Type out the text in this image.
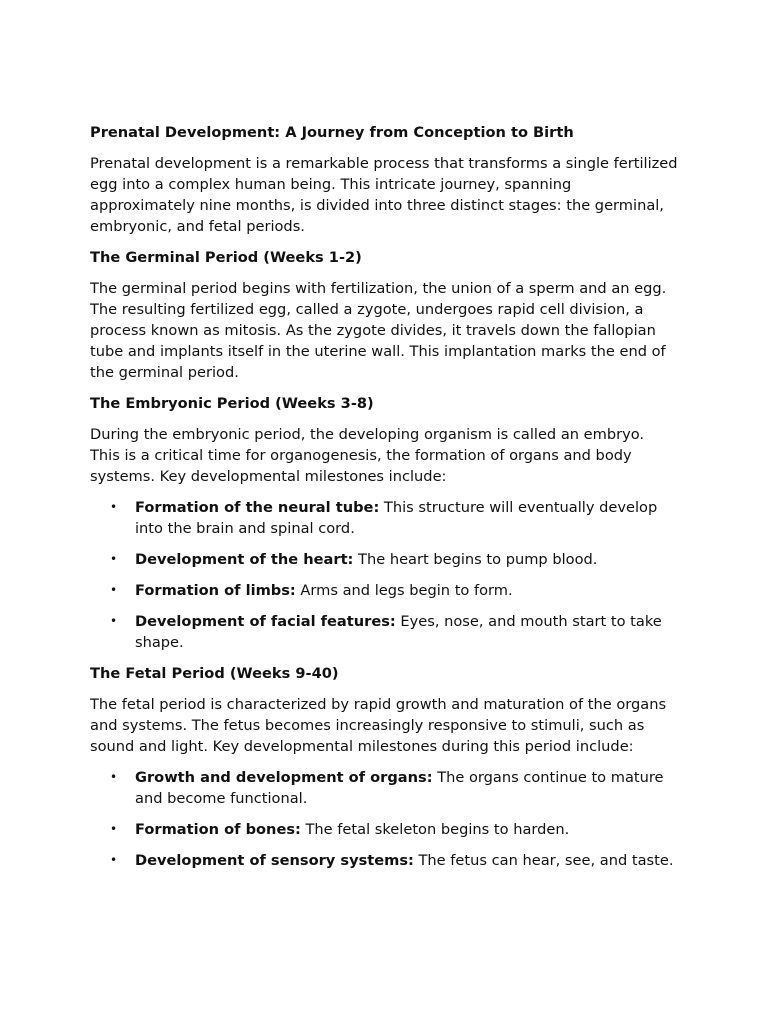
Prenatal Development: A Journey from Conception to Birth

Prenatal development is a remarkable process that transforms a single fertilized egg into a complex human being. This intricate journey, spanning approximately nine months, is divided into three distinct stages: the germinal, embryonic, and fetal periods.

The Germinal Period (Weeks 1-2)

The germinal period begins with fertilization, the union of a sperm and an egg. The resulting fertilized egg, called a zygote, undergoes rapid cell division, a process known as mitosis. As the zygote divides, it travels down the fallopian tube and implants itself in the uterine wall. This implantation marks the end of the germinal period.

The Embryonic Period (Weeks 3-8)

During the embryonic period, the developing organism is called an embryo. This is a critical time for organogenesis, the formation of organs and body systems. Key developmental milestones include:

• Formation of the neural tube: This structure will eventually develop into the brain and spinal cord.
• Development of the heart: The heart begins to pump blood.
• Formation of limbs: Arms and legs begin to form.
• Development of facial features: Eyes, nose, and mouth start to take shape.
The Fetal Period (Weeks 9-40)

The fetal period is characterized by rapid growth and maturation of the organs and systems. The fetus becomes increasingly responsive to stimuli, such as sound and light. Key developmental milestones during this period include:

• Growth and development of organs: The organs continue to mature and become functional.
• Formation of bones: The fetal skeleton begins to harden.
• Development of sensory systems: The fetus can hear, see, and taste.
